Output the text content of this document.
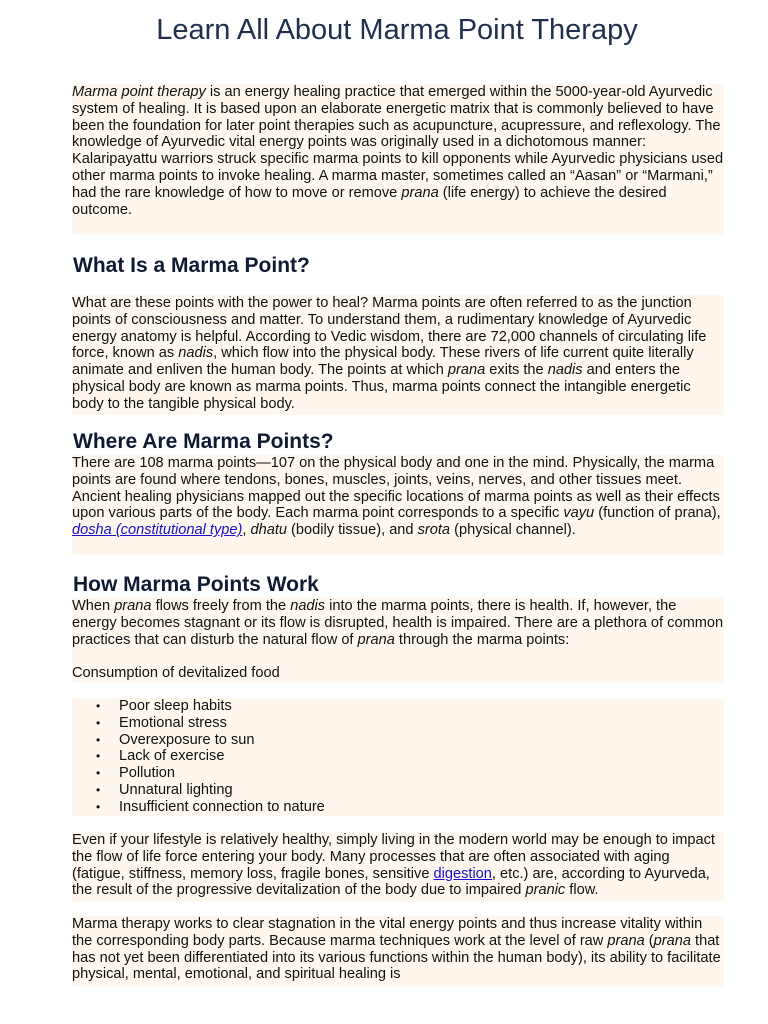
Learn All About Marma Point Therapy

Marma point therapy is an energy healing practice that emerged within the 5000-year-old Ayurvedic system of healing. It is based upon an elaborate energetic matrix that is commonly believed to have been the foundation for later point therapies such as acupuncture, acupressure, and reflexology. The knowledge of Ayurvedic vital energy points was originally used in a dichotomous manner: Kalaripayattu warriors struck specific marma points to kill opponents while Ayurvedic physicians used other marma points to invoke healing. A marma master, sometimes called an “Aasan” or “Marmani,” had the rare knowledge of how to move or remove prana (life energy) to achieve the desired outcome.

What Is a Marma Point?

What are these points with the power to heal? Marma points are often referred to as the junction points of consciousness and matter. To understand them, a rudimentary knowledge of Ayurvedic energy anatomy is helpful. According to Vedic wisdom, there are 72,000 channels of circulating life force, known as nadis, which flow into the physical body. These rivers of life current quite literally animate and enliven the human body. The points at which prana exits the nadis and enters the physical body are known as marma points. Thus, marma points connect the intangible energetic body to the tangible physical body.

Where Are Marma Points?

There are 108 marma points—107 on the physical body and one in the mind. Physically, the marma points are found where tendons, bones, muscles, joints, veins, nerves, and other tissues meet. Ancient healing physicians mapped out the specific locations of marma points as well as their effects upon various parts of the body. Each marma point corresponds to a specific vayu (function of prana), dosha (constitutional type), dhatu (bodily tissue), and srota (physical channel).

How Marma Points Work

When prana flows freely from the nadis into the marma points, there is health. If, however, the energy becomes stagnant or its flow is disrupted, health is impaired. There are a plethora of common practices that can disturb the natural flow of prana through the marma points:

Consumption of devitalized food

• Poor sleep habits
• Emotional stress
• Overexposure to sun
• Lack of exercise
• Pollution
• Unnatural lighting
• Insufficient connection to nature

Even if your lifestyle is relatively healthy, simply living in the modern world may be enough to impact the flow of life force entering your body. Many processes that are often associated with aging (fatigue, stiffness, memory loss, fragile bones, sensitive digestion, etc.) are, according to Ayurveda, the result of the progressive devitalization of the body due to impaired pranic flow.

Marma therapy works to clear stagnation in the vital energy points and thus increase vitality within the corresponding body parts. Because marma techniques work at the level of raw prana (prana that has not yet been differentiated into its various functions within the human body), its ability to facilitate physical, mental, emotional, and spiritual healing is
